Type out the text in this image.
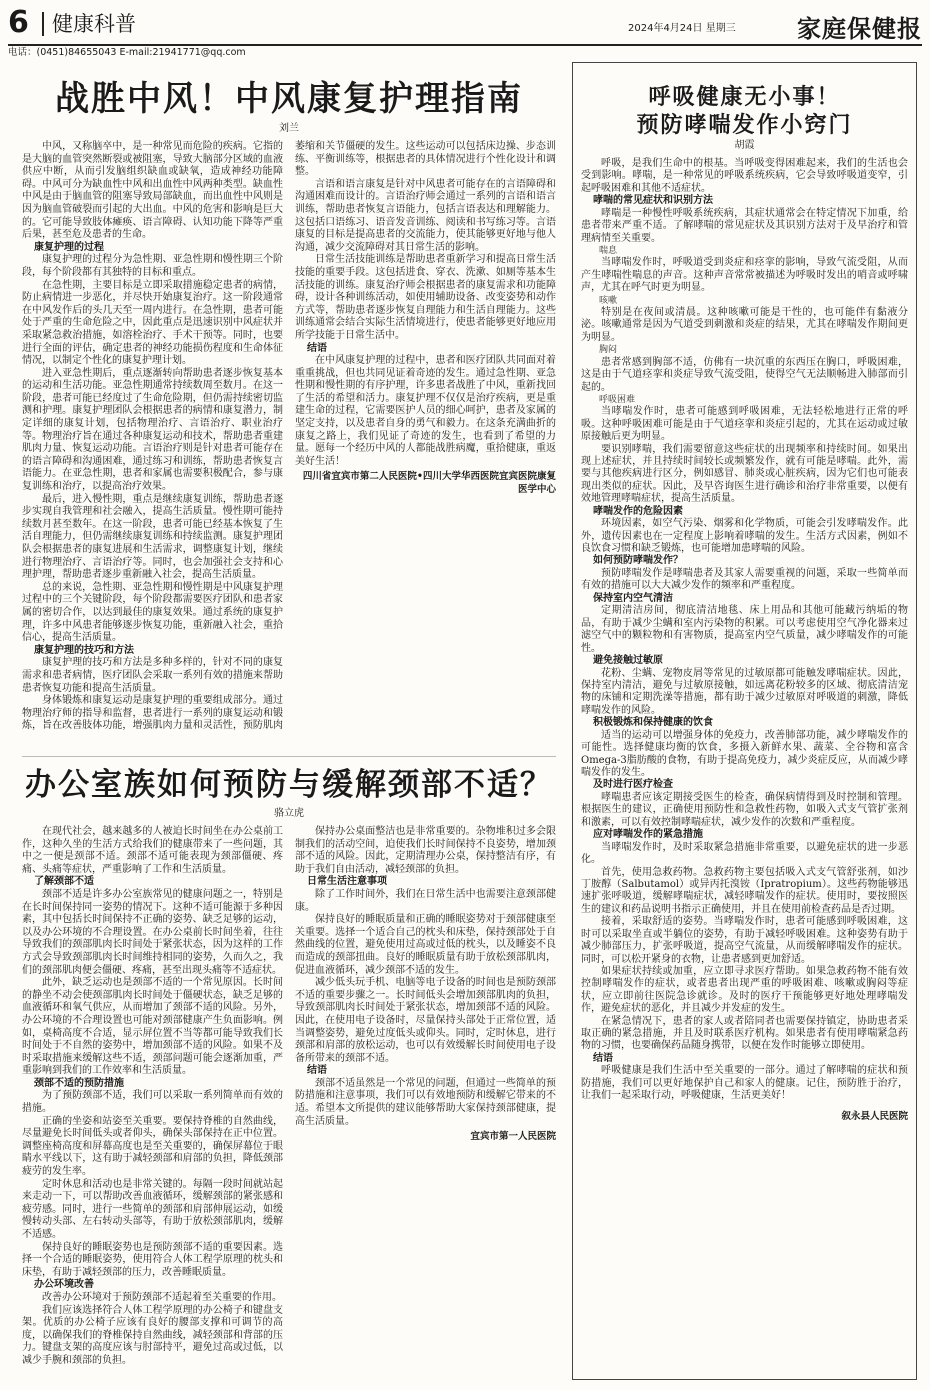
6	健康科普	2024年4月24日 星期三	家庭保健报
电话：(0451)84655043 E-mail:21941771@qq.com
战胜中风！中风康复护理指南
刘兰

中风，又称脑卒中，是一种常见而危险的疾病。它指的是大脑的血管突然断裂或被阻塞，导致大脑部分区域的血液供应中断，从而引发脑组织缺血或缺氧，造成神经功能障碍。中风可分为缺血性中风和出血性中风两种类型。缺血性中风是由于脑血管的阻塞导致局部缺血，而出血性中风则是因为脑血管破裂而引起的大出血。中风的危害和影响是巨大的。它可能导致肢体瘫痪、语言障碍、认知功能下降等严重后果，甚至危及患者的生命。

康复护理的过程

康复护理的过程分为急性期、亚急性期和慢性期三个阶段，每个阶段都有其独特的目标和重点。

在急性期，主要目标是立即采取措施稳定患者的病情，防止病情进一步恶化，并尽快开始康复治疗。这一阶段通常在中风发作后的头几天至一周内进行。在急性期，患者可能处于严重的生命危险之中，因此重点是迅速识别中风症状并采取紧急救治措施，如溶栓治疗、手术干预等。同时，也要进行全面的评估，确定患者的神经功能损伤程度和生命体征情况，以制定个性化的康复护理计划。

进入亚急性期后，重点逐渐转向帮助患者逐步恢复基本的运动和生活功能。亚急性期通常持续数周至数月。在这一阶段，患者可能已经度过了生命危险期，但仍需持续密切监测和护理。康复护理团队会根据患者的病情和康复潜力，制定详细的康复计划，包括物理治疗、言语治疗、职业治疗等。物理治疗旨在通过各种康复运动和技术，帮助患者重建肌肉力量、恢复运动功能。言语治疗则是针对患者可能存在的语言障碍和沟通困难，通过练习和训练，帮助患者恢复言语能力。在亚急性期，患者和家属也需要积极配合，参与康复训练和治疗，以提高治疗效果。

最后，进入慢性期，重点是继续康复训练，帮助患者逐步实现自我管理和社会融入，提高生活质量。慢性期可能持续数月甚至数年。在这一阶段，患者可能已经基本恢复了生活自理能力，但仍需继续康复训练和持续监测。康复护理团队会根据患者的康复进展和生活需求，调整康复计划，继续进行物理治疗、言语治疗等。同时，也会加强社会支持和心理护理，帮助患者逐步重新融入社会，提高生活质量。

总的来说，急性期、亚急性期和慢性期是中风康复护理过程中的三个关键阶段，每个阶段都需要医疗团队和患者家属的密切合作，以达到最佳的康复效果。通过系统的康复护理，许多中风患者能够逐步恢复功能，重新融入社会，重拾信心，提高生活质量。

康复护理的技巧和方法

康复护理的技巧和方法是多种多样的，针对不同的康复需求和患者病情，医疗团队会采取一系列有效的措施来帮助患者恢复功能和提高生活质量。

身体锻炼和康复运动是康复护理的重要组成部分。通过物理治疗师的指导和监督，患者进行一系列的康复运动和锻炼，旨在改善肢体功能，增强肌肉力量和灵活性，预防肌肉萎缩和关节僵硬的发生。这些运动可以包括床边操、步态训练、平衡训练等，根据患者的具体情况进行个性化设计和调整。

言语和语言康复是针对中风患者可能存在的言语障碍和沟通困难而设计的。言语治疗师会通过一系列的言语和语言训练，帮助患者恢复言语能力，包括言语表达和理解能力。这包括口语练习、语音发音训练、阅读和书写练习等。言语康复的目标是提高患者的交流能力，使其能够更好地与他人沟通，减少交流障碍对其日常生活的影响。

日常生活技能训练是帮助患者重新学习和提高日常生活技能的重要手段。这包括进食、穿衣、洗漱、如厕等基本生活技能的训练。康复治疗师会根据患者的康复需求和功能障碍，设计各种训练活动，如使用辅助设备、改变姿势和动作方式等，帮助患者逐步恢复自理能力和生活自理能力。这些训练通常会结合实际生活情境进行，使患者能够更好地应用所学技能于日常生活中。

结语

在中风康复护理的过程中，患者和医疗团队共同面对着重重挑战，但也共同见证着奇迹的发生。通过急性期、亚急性期和慢性期的有序护理，许多患者战胜了中风，重新找回了生活的希望和活力。康复护理不仅仅是治疗疾病，更是重建生命的过程，它需要医护人员的细心呵护，患者及家属的坚定支持，以及患者自身的勇气和毅力。在这条充满曲折的康复之路上，我们见证了奇迹的发生，也看到了希望的力量。愿每一个经历中风的人都能战胜病魔，重拾健康，重返美好生活！

四川省宜宾市第二人民医院•四川大学华西医院宜宾医院康复医学中心
办公室族如何预防与缓解颈部不适？
骆立虎

在现代社会，越来越多的人被迫长时间坐在办公桌前工作，这种久坐的生活方式给我们的健康带来了一些问题，其中之一便是颈部不适。颈部不适可能表现为颈部僵硬、疼痛、头痛等症状，严重影响了工作和生活质量。

了解颈部不适

颈部不适是许多办公室族常见的健康问题之一，特别是在长时间保持同一姿势的情况下。这种不适可能源于多种因素，其中包括长时间保持不正确的姿势、缺乏足够的运动，以及办公环境的不合理设置。在办公桌前长时间坐着，往往导致我们的颈部肌肉长时间处于紧张状态，因为这样的工作方式会导致颈部肌肉长时间维持相同的姿势，久而久之，我们的颈部肌肉便会僵硬、疼痛，甚至出现头痛等不适症状。

此外，缺乏运动也是颈部不适的一个常见原因。长时间的静坐不动会使颈部肌肉长时间处于僵硬状态，缺乏足够的血液循环和氧气供应，从而增加了颈部不适的风险。另外，办公环境的不合理设置也可能对颈部健康产生负面影响。例如，桌椅高度不合适，显示屏位置不当等都可能导致我们长时间处于不自然的姿势中，增加颈部不适的风险。如果不及时采取措施来缓解这些不适，颈部问题可能会逐渐加重，严重影响到我们的工作效率和生活质量。

颈部不适的预防措施

为了预防颈部不适，我们可以采取一系列简单而有效的措施。

正确的坐姿和站姿至关重要。要保持脊椎的自然曲线，尽量避免长时间低头或者仰头，确保头部保持在正中位置。调整座椅高度和屏幕高度也是至关重要的，确保屏幕位于眼睛水平线以下，这有助于减轻颈部和肩部的负担，降低颈部疲劳的发生率。

定时休息和活动也是非常关键的。每隔一段时间就站起来走动一下，可以帮助改善血液循环，缓解颈部的紧张感和疲劳感。同时，进行一些简单的颈部和肩部伸展运动，如缓慢转动头部、左右转动头部等，有助于放松颈部肌肉，缓解不适感。

保持良好的睡眠姿势也是预防颈部不适的重要因素。选择一个合适的睡眠姿势，使用符合人体工程学原理的枕头和床垫，有助于减轻颈部的压力，改善睡眠质量。

办公环境改善

改善办公环境对于预防颈部不适起着至关重要的作用。

我们应该选择符合人体工程学原理的办公椅子和键盘支架。优质的办公椅子应该有良好的腰部支撑和可调节的高度，以确保我们的脊椎保持自然曲线，减轻颈部和背部的压力。键盘支架的高度应该与肘部持平，避免过高或过低，以减少手腕和颈部的负担。

保持办公桌面整洁也是非常重要的。杂物堆积过多会限制我们的活动空间，迫使我们长时间保持不良姿势，增加颈部不适的风险。因此，定期清理办公桌，保持整洁有序，有助于我们自由活动，减轻颈部的负担。

日常生活注意事项

除了工作时间外，我们在日常生活中也需要注意颈部健康。

保持良好的睡眠质量和正确的睡眠姿势对于颈部健康至关重要。选择一个适合自己的枕头和床垫，保持颈部处于自然曲线的位置，避免使用过高或过低的枕头，以及睡姿不良而造成的颈部扭曲。良好的睡眠质量有助于放松颈部肌肉，促进血液循环，减少颈部不适的发生。

减少低头玩手机、电脑等电子设备的时间也是预防颈部不适的重要步骤之一。长时间低头会增加颈部肌肉的负担，导致颈部肌肉长时间处于紧张状态，增加颈部不适的风险。因此，在使用电子设备时，尽量保持头部处于正常位置，适当调整姿势，避免过度低头或仰头。同时，定时休息，进行颈部和肩部的放松运动，也可以有效缓解长时间使用电子设备所带来的颈部不适。

结语

颈部不适虽然是一个常见的问题，但通过一些简单的预防措施和注意事项，我们可以有效地预防和缓解它带来的不适。希望本文所提供的建议能够帮助大家保持颈部健康，提高生活质量。

宜宾市第一人民医院
呼吸健康无小事！
预防哮喘发作小窍门
胡霞

呼吸，是我们生命中的根基。当呼吸变得困难起来，我们的生活也会受到影响。哮喘，是一种常见的呼吸系统疾病，它会导致呼吸道变窄，引起呼吸困难和其他不适症状。

哮喘的常见症状和识别方法

哮喘是一种慢性呼吸系统疾病，其症状通常会在特定情况下加重，给患者带来严重不适。了解哮喘的常见症状及其识别方法对于及早治疗和管理病情至关重要。

喘息

当哮喘发作时，呼吸道受到炎症和痉挛的影响，导致气流受阻，从而产生哮喘性喘息的声音。这种声音常常被描述为呼吸时发出的哨音或呼啸声，尤其在呼气时更为明显。

咳嗽

特别是在夜间或清晨。这种咳嗽可能是干性的，也可能伴有黏液分泌。咳嗽通常是因为气道受到刺激和炎症的结果，尤其在哮喘发作期间更为明显。

胸闷

患者常感到胸部不适，仿佛有一块沉重的东西压在胸口，呼吸困难，这是由于气道痉挛和炎症导致气流受阻，使得空气无法顺畅进入肺部而引起的。

呼吸困难

当哮喘发作时，患者可能感到呼吸困难，无法轻松地进行正常的呼吸。这种呼吸困难可能是由于气道痉挛和炎症引起的，尤其在运动或过敏原接触后更为明显。

要识别哮喘，我们需要留意这些症状的出现频率和持续时间。如果出现上述症状，并且持续时间较长或频繁发作，就有可能是哮喘。此外，需要与其他疾病进行区分，例如感冒、肺炎或心脏疾病，因为它们也可能表现出类似的症状。因此，及早咨询医生进行确诊和治疗非常重要，以便有效地管理哮喘症状，提高生活质量。

哮喘发作的危险因素

环境因素，如空气污染、烟雾和化学物质，可能会引发哮喘发作。此外，遗传因素也在一定程度上影响着哮喘的发生。生活方式因素，例如不良饮食习惯和缺乏锻炼，也可能增加患哮喘的风险。

如何预防哮喘发作？

预防哮喘发作是哮喘患者及其家人需要重视的问题，采取一些简单而有效的措施可以大大减少发作的频率和严重程度。

保持室内空气清洁

定期清洁房间，彻底清洁地毯、床上用品和其他可能藏污纳垢的物品，有助于减少尘螨和室内污染物的积累。可以考虑使用空气净化器来过滤空气中的颗粒物和有害物质，提高室内空气质量，减少哮喘发作的可能性。

避免接触过敏原

花粉、尘螨、宠物皮屑等常见的过敏原都可能触发哮喘症状。因此，保持室内清洁，避免与过敏原接触，如远离花粉较多的区域、彻底清洁宠物的床铺和定期洗澡等措施，都有助于减少过敏原对呼吸道的刺激，降低哮喘发作的风险。

积极锻炼和保持健康的饮食

适当的运动可以增强身体的免疫力，改善肺部功能，减少哮喘发作的可能性。选择健康均衡的饮食，多摄入新鲜水果、蔬菜、全谷物和富含Omega-3脂肪酸的食物，有助于提高免疫力，减少炎症反应，从而减少哮喘发作的发生。

及时进行医疗检查

哮喘患者应该定期接受医生的检查，确保病情得到及时控制和管理。根据医生的建议，正确使用预防性和急救性药物，如吸入式支气管扩张剂和激素，可以有效控制哮喘症状，减少发作的次数和严重程度。

应对哮喘发作的紧急措施

当哮喘发作时，及时采取紧急措施非常重要，以避免症状的进一步恶化。

首先，使用急救药物。急救药物主要包括吸入式支气管舒张剂，如沙丁胺醇（Salbutamol）或异丙托溴铵（Ipratropium）。这些药物能够迅速扩张呼吸道，缓解哮喘症状，减轻哮喘发作的症状。使用时，要按照医生的建议和药品说明书指示正确使用，并且在使用前检查药品是否过期。

接着，采取舒适的姿势。当哮喘发作时，患者可能感到呼吸困难，这时可以采取坐直或半躺位的姿势，有助于减轻呼吸困难。这种姿势有助于减少肺部压力，扩张呼吸道，提高空气流量，从而缓解哮喘发作的症状。同时，可以松开紧身的衣物，让患者感到更加舒适。

如果症状持续或加重，应立即寻求医疗帮助。如果急救药物不能有效控制哮喘发作的症状，或者患者出现严重的呼吸困难、咳嗽或胸闷等症状，应立即前往医院急诊就诊。及时的医疗干预能够更好地处理哮喘发作，避免症状的恶化，并且减少并发症的发生。

在紧急情况下，患者的家人或者陪同者也需要保持镇定，协助患者采取正确的紧急措施，并且及时联系医疗机构。如果患者有使用哮喘紧急药物的习惯，也要确保药品随身携带，以便在发作时能够立即使用。

结语

呼吸健康是我们生活中至关重要的一部分。通过了解哮喘的症状和预防措施，我们可以更好地保护自己和家人的健康。记住，预防胜于治疗，让我们一起采取行动，呼吸健康，生活更美好！

叙永县人民医院
